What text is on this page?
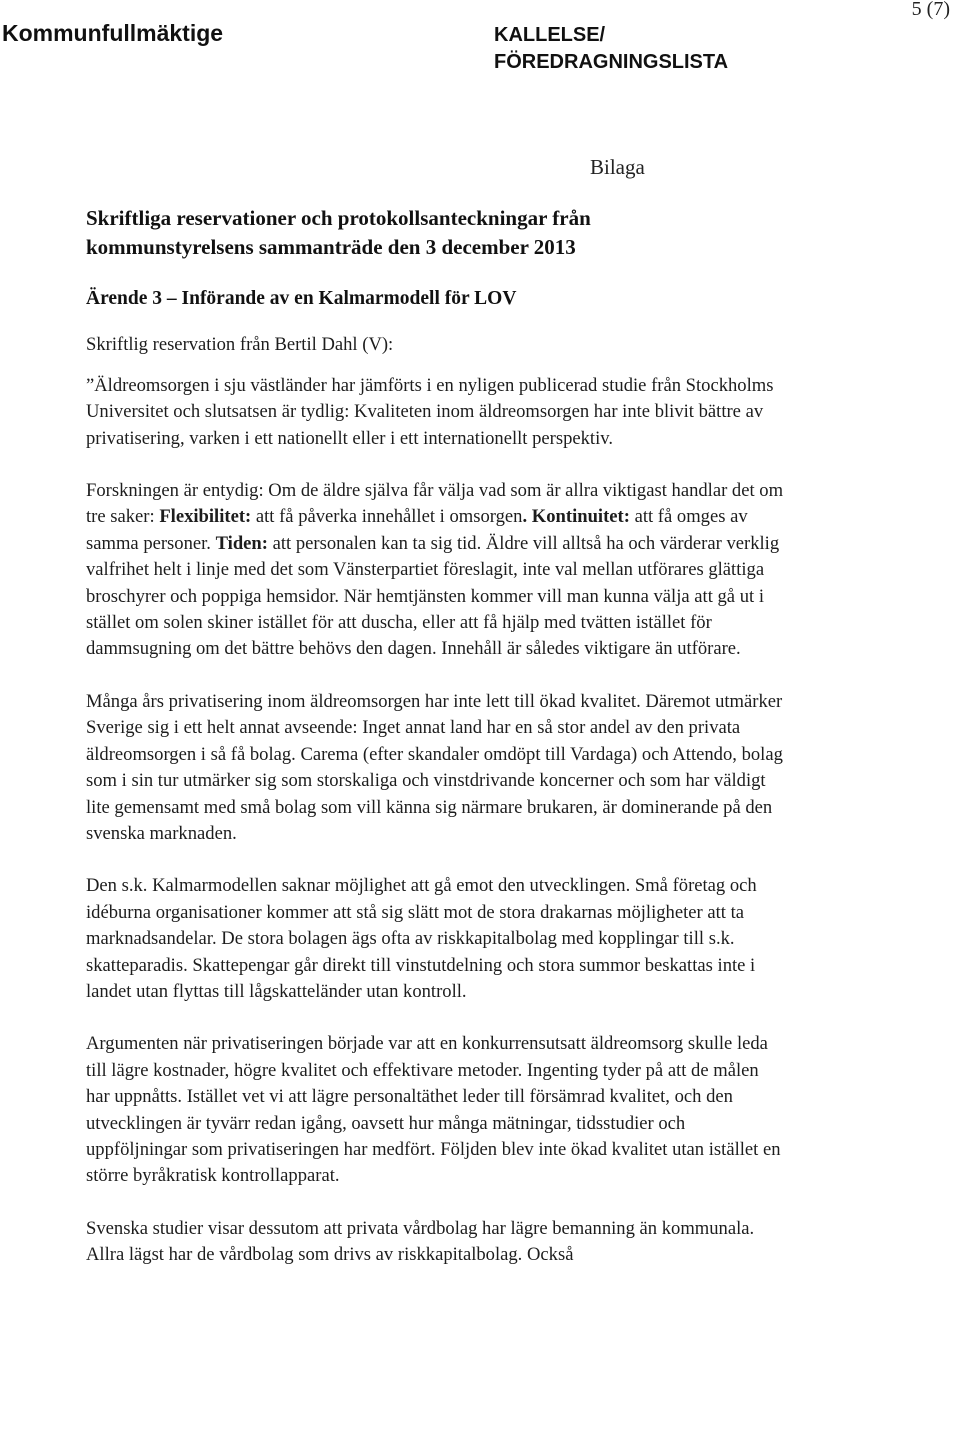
Kommunfullmäktige	KALLELSE/
FÖREDRAGNINGSLISTA
5 (7)
Bilaga
Skriftliga reservationer och protokollsanteckningar från
kommunstyrelsens sammanträde den 3 december 2013
Ärende 3 – Införande av en Kalmarmodell för LOV
Skriftlig reservation från Bertil Dahl (V):

”Äldreomsorgen i sju västländer har jämförts i en nyligen publicerad studie från Stockholms Universitet och slutsatsen är tydlig: Kvaliteten inom äldreomsorgen har inte blivit bättre av privatisering, varken i ett nationellt eller i ett internationellt perspektiv.

Forskningen är entydig: Om de äldre själva får välja vad som är allra viktigast handlar det om tre saker: Flexibilitet: att få påverka innehållet i omsorgen. Kontinuitet: att få omges av samma personer. Tiden: att personalen kan ta sig tid. Äldre vill alltså ha och värderar verklig valfrihet helt i linje med det som Vänsterpartiet föreslagit, inte val mellan utförares glättiga broschyrer och poppiga hemsidor. När hemtjänsten kommer vill man kunna välja att gå ut i stället om solen skiner istället för att duscha, eller att få hjälp med tvätten istället för dammsugning om det bättre behövs den dagen. Innehåll är således viktigare än utförare.

Många års privatisering inom äldreomsorgen har inte lett till ökad kvalitet. Däremot utmärker Sverige sig i ett helt annat avseende: Inget annat land har en så stor andel av den privata äldreomsorgen i så få bolag. Carema (efter skandaler omdöpt till Vardaga) och Attendo, bolag som i sin tur utmärker sig som storskaliga och vinstdrivande koncerner och som har väldigt lite gemensamt med små bolag som vill känna sig närmare brukaren, är dominerande på den svenska marknaden.

Den s.k. Kalmarmodellen saknar möjlighet att gå emot den utvecklingen. Små företag och idéburna organisationer kommer att stå sig slätt mot de stora drakarnas möjligheter att ta marknadsandelar. De stora bolagen ägs ofta av riskkapitalbolag med kopplingar till s.k. skatteparadis. Skattepengar går direkt till vinstutdelning och stora summor beskattas inte i landet utan flyttas till lågskatteländer utan kontroll.

Argumenten när privatiseringen började var att en konkurrensutsatt äldreomsorg skulle leda till lägre kostnader, högre kvalitet och effektivare metoder. Ingenting tyder på att de målen har uppnåtts. Istället vet vi att lägre personaltäthet leder till försämrad kvalitet, och den utvecklingen är tyvärr redan igång, oavsett hur många mätningar, tidsstudier och uppföljningar som privatiseringen har medfört. Följden blev inte ökad kvalitet utan istället en större byråkratisk kontrollapparat.

Svenska studier visar dessutom att privata vårdbolag har lägre bemanning än kommunala. Allra lägst har de vårdbolag som drivs av riskkapitalbolag. Också
